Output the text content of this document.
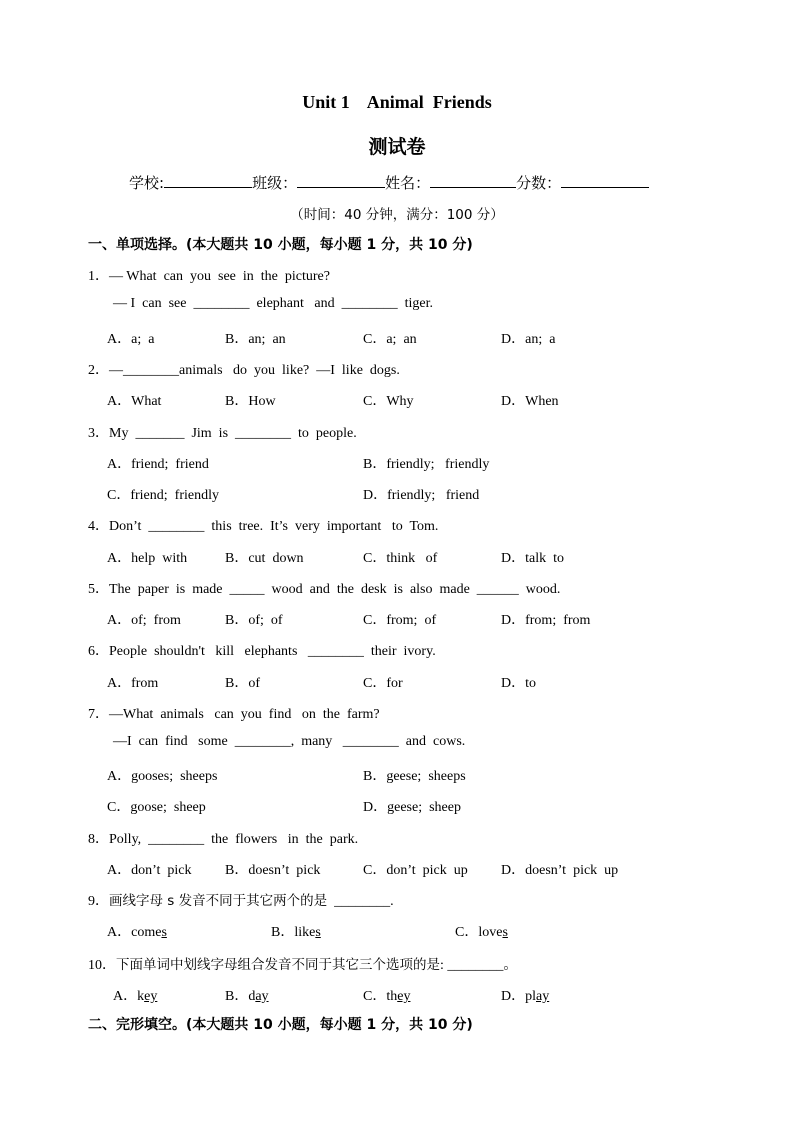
Unit 1    Animal  Friends
测试卷
学校:	班级：	姓名：	分数：
（时间：40 分钟，满分：100 分）
一、单项选择。(本大题共 10 小题，每小题 1 分，共 10 分)
1．— What  can  you  see  in  the  picture?
— I  can  see  ________  elephant   and  ________  tiger.
A．a;  a	B．an;  an	C．a;  an	D．an;  a
2．—________animals   do  you  like?  —I  like  dogs.
A．What	B．How	C．Why	D．When
3．My  _______  Jim  is  ________  to  people.
A．friend;  friend	B．friendly;   friendly
C．friend;  friendly	D．friendly;   friend
4．Don’t  ________  this  tree.  It’s  very  important   to  Tom.
A．help  with	B．cut  down	C．think   of	D．talk  to
5．The  paper  is  made  _____  wood  and  the  desk  is  also  made  ______  wood.
A．of;  from	B．of;  of	C．from;  of	D．from;  from
6．People  shouldn't   kill   elephants   ________  their  ivory.
A．from	B．of	C．for	D．to
7．—What  animals   can  you  find   on  the  farm?
—I  can  find   some  ________,  many   ________  and  cows.
A．gooses;  sheeps	B．geese;  sheeps
C．goose;  sheep	D．geese;  sheep
8．Polly,  ________  the  flowers   in  the  park.
A．don’t  pick B．doesn’t  pick	C．don’t  pick  up D．doesn’t  pick  up
9．画线字母 s 发音不同于其它两个的是  ________.
A．comes	B．likes	C．loves
10．下面单词中划线字母组合发音不同于其它三个选项的是: ________。
A．key	B．day	C．they	D．play
二、完形填空。(本大题共 10 小题，每小题 1 分，共 10 分)
